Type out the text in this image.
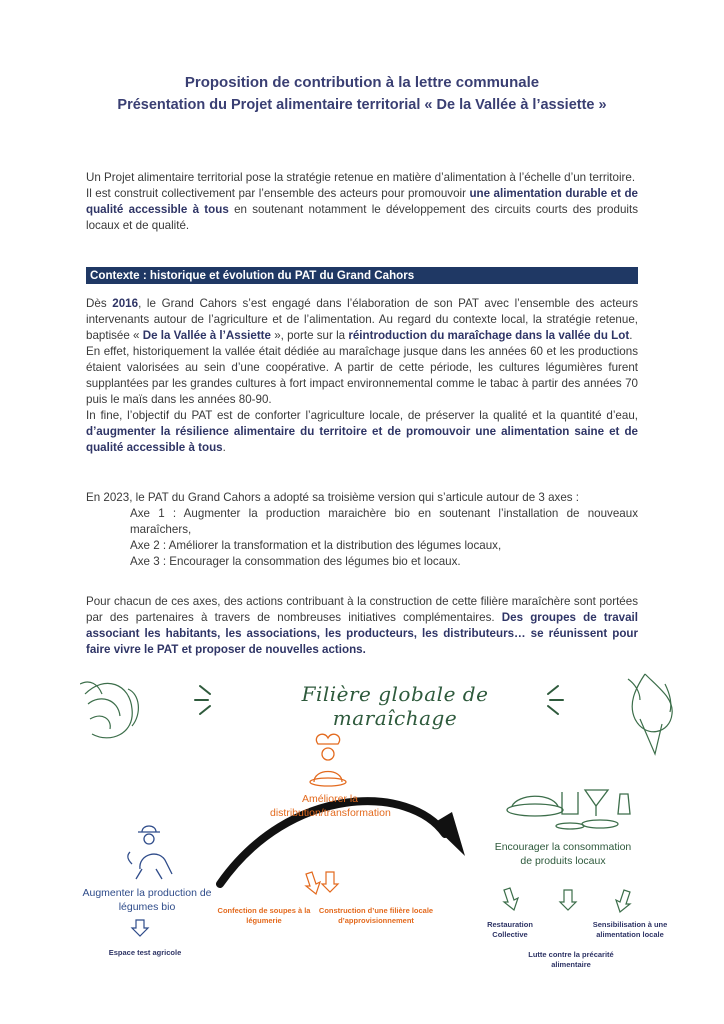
Proposition de contribution à la lettre communale
Présentation du Projet alimentaire territorial « De la Vallée à l’assiette »

Un Projet alimentaire territorial pose la stratégie retenue en matière d’alimentation à l’échelle d’un territoire.

Il est construit collectivement par l’ensemble des acteurs pour promouvoir une alimentation durable et de qualité accessible à tous en soutenant notamment le développement des circuits courts des produits locaux et de qualité.

Contexte : historique et évolution du PAT du Grand Cahors

Dès 2016, le Grand Cahors s’est engagé dans l’élaboration de son PAT avec l’ensemble des acteurs intervenants autour de l’agriculture et de l’alimentation. Au regard du contexte local, la stratégie retenue, baptisée « De la Vallée à l’Assiette », porte sur la réintroduction du maraîchage dans la vallée du Lot.

En effet, historiquement la vallée était dédiée au maraîchage jusque dans les années 60 et les productions étaient valorisées au sein d’une coopérative. A partir de cette période, les cultures légumières furent supplantées par les grandes cultures à fort impact environnemental comme le tabac à partir des années 70 puis le maïs dans les années 80-90.

In fine, l’objectif du PAT est de conforter l’agriculture locale, de préserver la qualité et la quantité d’eau, d’augmenter la résilience alimentaire du territoire et de promouvoir une alimentation saine et de qualité accessible à tous.

En 2023, le PAT du Grand Cahors a adopté sa troisième version qui s’articule autour de 3 axes :

Axe 1 : Augmenter la production maraichère bio en soutenant l’installation de nouveaux maraîchers,
Axe 2 : Améliorer la transformation et la distribution des légumes locaux,
Axe 3 : Encourager la consommation des légumes bio et locaux.

Pour chacun de ces axes, des actions contribuant à la construction de cette filière maraîchère sont portées par des partenaires à travers de nombreuses initiatives complémentaires. Des groupes de travail associant les habitants, les associations, les producteurs, les distributeurs… se réunissent pour faire vivre le PAT et proposer de nouvelles actions.

Filière globale de maraîchage
Augmenter la production de légumes bio
Espace test agricole
Améliorer la distribution/transformation
Confection de soupes à la légumerie
Construction d’une filière locale d’approvisionnement
Encourager la consommation de produits locaux
Restauration Collective
Sensibilisation à une alimentation locale
Lutte contre la précarité alimentaire
